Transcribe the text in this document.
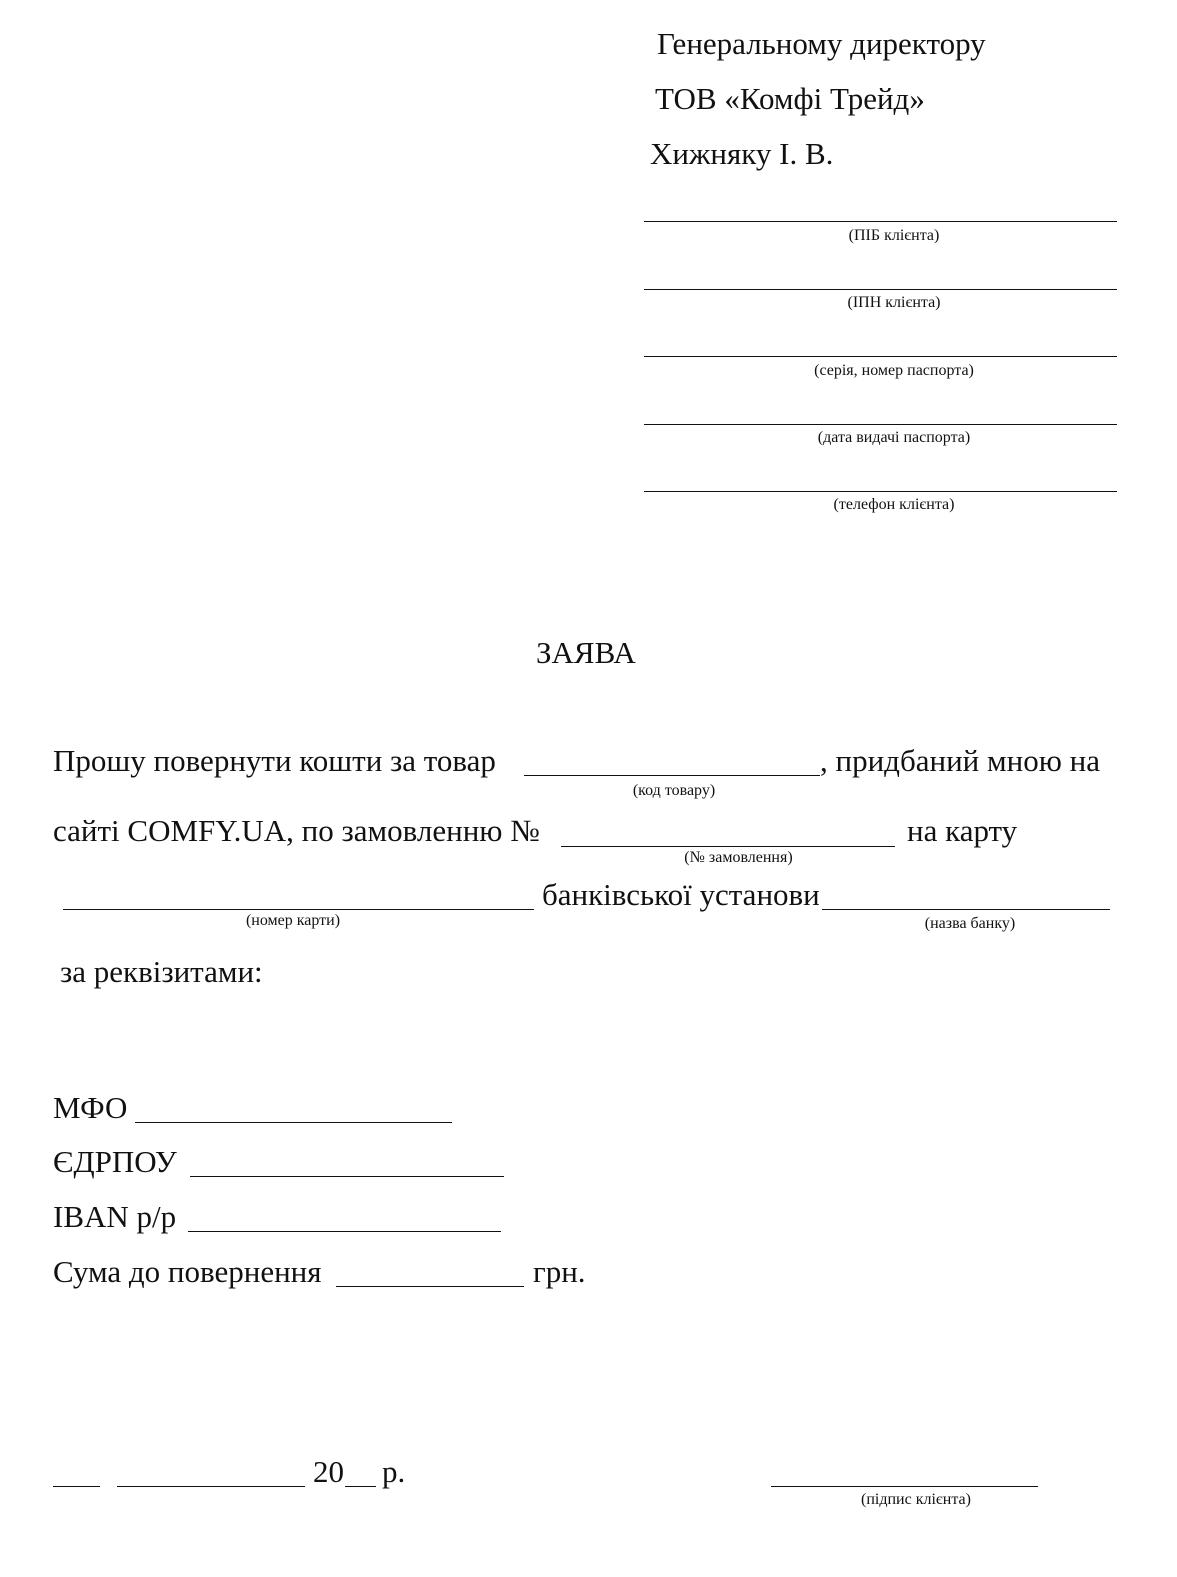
Генеральному директору
ТОВ «Комфі Трейд»
Хижняку І. В.
(ПІБ клієнта)
(ІПН клієнта)
(серія, номер паспорта)
(дата видачі паспорта)
(телефон клієнта)
ЗАЯВА
Прошу повернути кошти за товар	, придбаний мною на
(код товару)
сайті COMFY.UA, по замовленню №	на карту
(№ замовлення)
банківської установи
(номер карти)	(назва банку)
за реквізитами:
МФО
ЄДРПОУ
IBAN р/р
Сума до повернення	грн.
20 р.
(підпис клієнта)
